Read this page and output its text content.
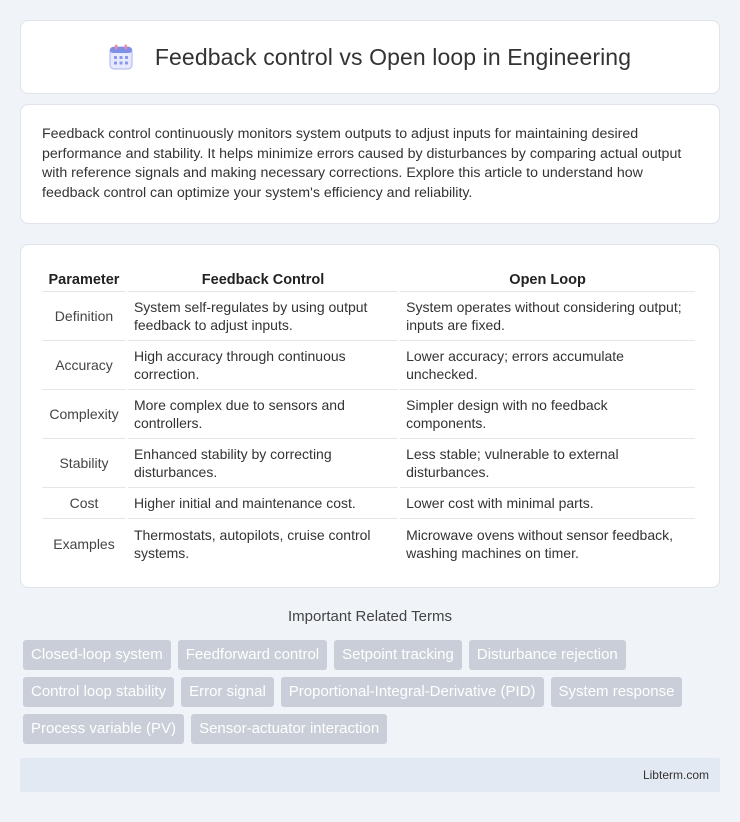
Feedback control vs Open loop in Engineering

Feedback control continuously monitors system outputs to adjust inputs for maintaining desired performance and stability. It helps minimize errors caused by disturbances by comparing actual output with reference signals and making necessary corrections. Explore this article to understand how feedback control can optimize your system's efficiency and reliability.

Parameter	Feedback Control	Open Loop
Definition	System self-regulates by using output feedback to adjust inputs.	System operates without considering output; inputs are fixed.
Accuracy	High accuracy through continuous correction.	Lower accuracy; errors accumulate unchecked.
Complexity	More complex due to sensors and controllers.	Simpler design with no feedback components.
Stability	Enhanced stability by correcting disturbances.	Less stable; vulnerable to external disturbances.
Cost	Higher initial and maintenance cost.	Lower cost with minimal parts.
Examples	Thermostats, autopilots, cruise control systems.	Microwave ovens without sensor feedback, washing machines on timer.
Important Related Terms
Closed-loop system	Feedforward control	Setpoint tracking	Disturbance rejection
Control loop stability	Error signal	Proportional-Integral-Derivative (PID)	System response
Process variable (PV)	Sensor-actuator interaction
Libterm.com
